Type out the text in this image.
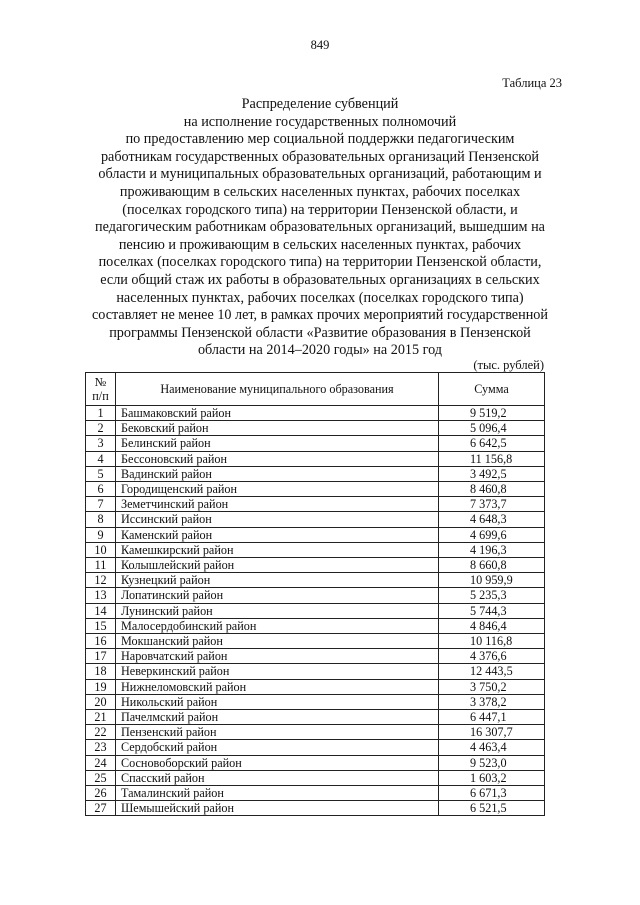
849
Таблица 23
Распределение субвенций
на исполнение государственных полномочий
по предоставлению мер социальной поддержки педагогическим
работникам государственных образовательных организаций Пензенской
области и муниципальных образовательных организаций, работающим и
проживающим в сельских населенных пунктах, рабочих поселках
(поселках городского типа) на территории Пензенской области, и
педагогическим работникам образовательных организаций, вышедшим на
пенсию и проживающим в сельских населенных пунктах, рабочих
поселках (поселках городского типа) на территории Пензенской области,
если общий стаж их работы в образовательных организациях в сельских
населенных пунктах, рабочих поселках (поселках городского типа)
составляет не менее 10 лет, в рамках прочих мероприятий государственной
программы Пензенской области «Развитие образования в Пензенской
области на 2014–2020 годы» на 2015 год
(тыс. рублей)
№
п/п	Наименование муниципального образования	Сумма
1	Башмаковский район	9 519,2
2	Бековский район	5 096,4
3	Белинский район	6 642,5
4	Бессоновский район	11 156,8
5	Вадинский район	3 492,5
6	Городищенский район	8 460,8
7	Земетчинский район	7 373,7
8	Иссинский район	4 648,3
9	Каменский район	4 699,6
10	Камешкирский район	4 196,3
11	Колышлейский район	8 660,8
12	Кузнецкий район	10 959,9
13	Лопатинский район	5 235,3
14	Лунинский район	5 744,3
15	Малосердобинский район	4 846,4
16	Мокшанский район	10 116,8
17	Наровчатский район	4 376,6
18	Неверкинский район	12 443,5
19	Нижнеломовский район	3 750,2
20	Никольский район	3 378,2
21	Пачелмский район	6 447,1
22	Пензенский район	16 307,7
23	Сердобский район	4 463,4
24	Сосновоборский район	9 523,0
25	Спасский район	1 603,2
26	Тамалинский район	6 671,3
27	Шемышейский район	6 521,5
